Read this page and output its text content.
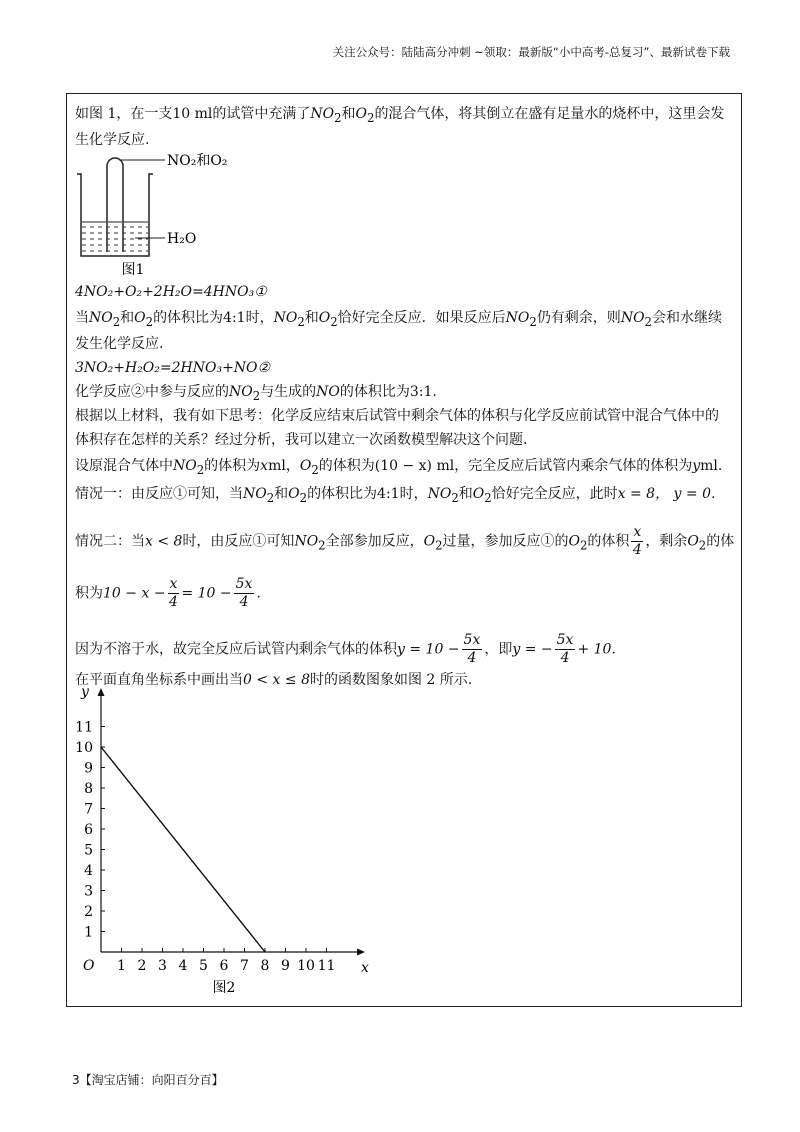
关注公众号：陆陆高分冲刺 ~领取：最新版“小中高考-总复习”、最新试卷下载
如图 1，在一支10 ml的试管中充满了$NO_2$和$O_2$的混合气体，将其倒立在盛有足量水的烧杯中，这里会发
生化学反应.
NO₂和O₂
H₂O
图1
4NO₂+O₂+2H₂O=4HNO₃①
当$NO_2$和$O_2$的体积比为4:1时，$NO_2$和$O_2$恰好完全反应．如果反应后$NO_2$仍有剩余，则$NO_2$会和水继续
发生化学反应.
3NO₂+H₂O₂=2HNO₃+NO②
化学反应②中参与反应的$NO_2$与生成的NO的体积比为3:1.
根据以上材料，我有如下思考：化学反应结束后试管中剩余气体的体积与化学反应前试管中混合气体中的
体积存在怎样的关系？经过分析，我可以建立一次函数模型解决这个问题.
设原混合气体中$NO_2$的体积为xml，$O_2$的体积为(10 − x) ml，完全反应后试管内乘余气体的体积为yml.
情况一：由反应①可知，当$NO_2$和$O_2$的体积比为4:1时，$NO_2$和$O_2$恰好完全反应，此时x = 8， y = 0.
情况二：当x < 8时，由反应①可知$NO_2$全部参加反应，$O_2$过量，参加反应①的$O_2$的体积 $\frac{x}{4}$ ，剩余$O_2$的体
积为$10 - x - \frac{x}{4} = 10 - \frac{5x}{4}$ .
因为不溶于水，故完全反应后试管内剩余气体的体积$y = 10 - \frac{5x}{4}$ ，即y = − $\frac{5x}{4} + 10$.
在平面直角坐标系中画出当0 < x ≤ 8时的函数图象如图 2 所示.
1 2 3 4 5 6 7 8 9 10 11
1
2
3
4
5
6
7
8
9
10
11
x
y
O
图2
3【淘宝店铺：向阳百分百】
